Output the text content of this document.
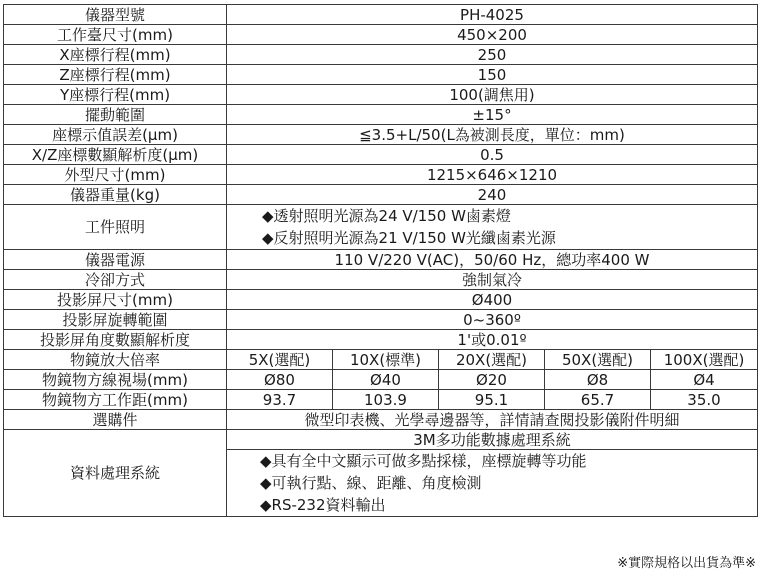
儀器型號	PH-4025				
工作臺尺寸(mm)	450×200				
X座標行程(mm)	250				
Z座標行程(mm)	150				
Y座標行程(mm)	100(調焦用)				
擺動範圍	±15°				
座標示值誤差(μm)	≦3.5+L/50(L為被測長度，單位：mm)				
X/Z座標數顯解析度(μm)	0.5				
外型尺寸(mm)	1215×646×1210				
儀器重量(kg)	240				
工件照明	◆透射照明光源為24 V/150 W鹵素燈
◆反射照明光源為21 V/150 W光纖鹵素光源				

儀器電源	110 V/220 V(AC)，50/60 Hz，總功率400 W				
冷卻方式	強制氣冷				
投影屏尺寸(mm)	Ø400				
投影屏旋轉範圍	0~360º				
投影屏角度數顯解析度	1'或0.01º				
物鏡放大倍率	5X(選配)	10X(標準)	20X(選配)	50X(選配)	100X(選配)
物鏡物方線視場(mm)	Ø80	Ø40	Ø20	Ø8	Ø4
物鏡物方工作距(mm)	93.7	103.9	95.1	65.7	35.0
選購件	微型印表機、光學尋邊器等，詳情請查閱投影儀附件明細				
資料處理系統	3M多功能數據處理系統				

	◆具有全中文顯示可做多點採樣，座標旋轉等功能
◆可執行點、線、距離、角度檢測
◆RS-232資料輸出				
※實際規格以出貨為準※
